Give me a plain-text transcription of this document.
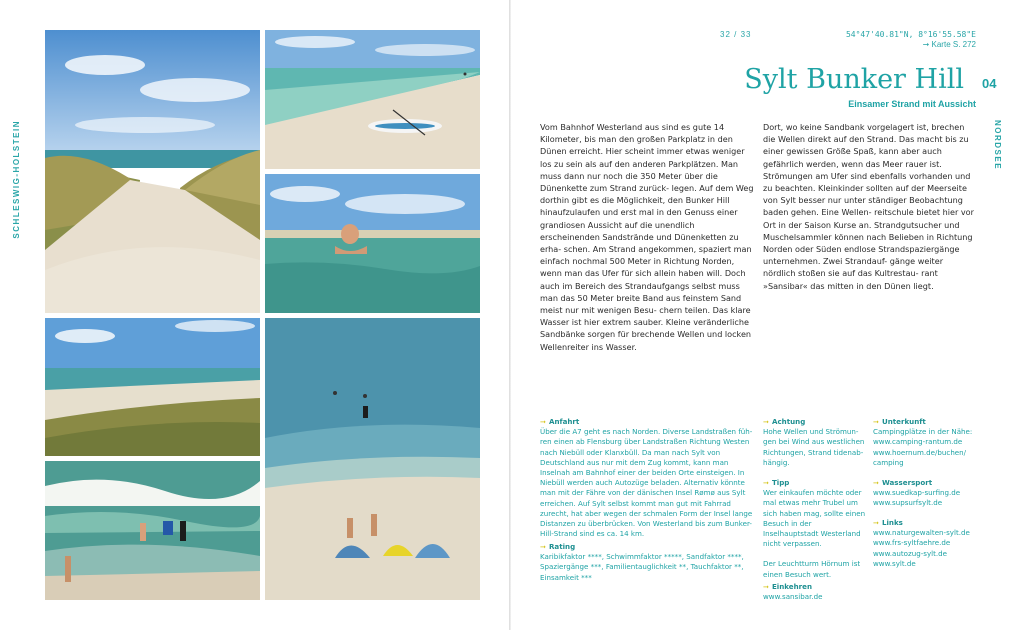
SCHLESWIG-HOLSTEIN	NORDSEE
32 / 33	54°47'40.81"N, 8°16'55.58"E
➞ Karte S. 272
Sylt Bunker Hill 04
Einsamer Strand mit Aussicht
Vom Bahnhof Westerland aus sind es gute 14 Kilometer, bis man den großen Parkplatz in den Dünen erreicht. Hier scheint immer etwas weniger los zu sein als auf den anderen Parkplätzen. Man muss dann nur noch die 350 Meter über die Dünenkette zum Strand zurück- legen. Auf dem Weg dorthin gibt es die Möglichkeit, den Bunker Hill hinaufzulaufen und erst mal in den Genuss einer grandiosen Aussicht auf die unendlich erscheinenden Sandstrände und Dünenketten zu erha- schen. Am Strand angekommen, spaziert man einfach nochmal 500 Meter in Richtung Norden, wenn man das Ufer für sich allein haben will. Doch auch im Bereich des Strandaufgangs selbst muss man das 50 Meter breite Band aus feinstem Sand meist nur mit wenigen Besu- chern teilen. Das klare Wasser ist hier extrem sauber. Kleine veränderliche Sandbänke sorgen für brechende Wellen und locken Wellenreiter ins Wasser.
Dort, wo keine Sandbank vorgelagert ist, brechen die Wellen direkt auf den Strand. Das macht bis zu einer gewissen Größe Spaß, kann aber auch gefährlich werden, wenn das Meer rauer ist. Strömungen am Ufer sind ebenfalls vorhanden und zu beachten. Kleinkinder sollten auf der Meerseite von Sylt besser nur unter ständiger Beobachtung baden gehen. Eine Wellen- reitschule bietet hier vor Ort in der Saison Kurse an. Strandgutsucher und Muschelsammler können nach Belieben in Richtung Norden oder Süden endlose Strandspaziergänge unternehmen. Zwei Strandauf- gänge weiter nördlich stoßen sie auf das Kultrestau- rant »Sansibar« das mitten in den Dünen liegt.
➞ Anfahrt

Über die A7 geht es nach Norden. Diverse Landstraßen füh- ren einen ab Flensburg über Landstraßen Richtung Westen nach Niebüll oder Klanxbüll. Da man nach Sylt von Deutschland aus nur mit dem Zug kommt, kann man Inselnah am Bahnhof einer der beiden Orte einsteigen. In Niebüll werden auch Autozüge beladen. Alternativ könnte man mit der Fähre von der dänischen Insel Rømø aus Sylt erreichen. Auf Sylt selbst kommt man gut mit Fahrrad zurecht, hat aber wegen der schmalen Form der Insel lange Distanzen zu überbrücken. Von Westerland bis zum Bunker-Hill-Strand sind es ca. 14 km.

➞ Rating

Karibikfaktor ****, Schwimmfaktor *****, Sandfaktor ****, Spaziergänge ***, Familientauglichkeit **, Tauchfaktor **, Einsamkeit ***

➞ Achtung

Hohe Wellen und Strömun- gen bei Wind aus westlichen Richtungen, Strand tidenab- hängig.

➞ Tipp

Wer einkaufen möchte oder mal etwas mehr Trubel um sich haben mag, sollte einen Besuch in der Inselhauptstadt Westerland nicht verpassen.

Der Leuchtturm Hörnum ist einen Besuch wert.

➞ Einkehren

www.sansibar.de

➞ Unterkunft

Campingplätze in der Nähe:

www.camping-rantum.de

www.hoernum.de/buchen/

camping

➞ Wassersport

www.suedkap-surfing.de

www.supsurfsylt.de

➞ Links

www.naturgewalten-sylt.de

www.frs-syltfaehre.de

www.autozug-sylt.de

www.sylt.de
